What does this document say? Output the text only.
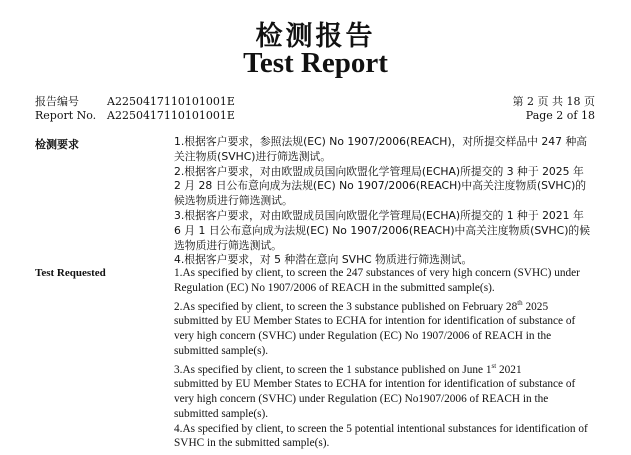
检测报告
Test Report
报告编号	A2250417110101001E
Report No. A2250417110101001E
第 2 页 共 18 页
Page 2 of 18
检测要求	1.根据客户要求，参照法规(EC) No 1907/2006(REACH)，对所提交样品中 247 种高关注物质(SVHC)进行筛选测试。

2.根据客户要求，对由欧盟成员国向欧盟化学管理局(ECHA)所提交的 3 种于 2025 年 2 月 28 日公布意向成为法规(EC) No 1907/2006(REACH)中高关注度物质(SVHC)的候选物质进行筛选测试。

3.根据客户要求，对由欧盟成员国向欧盟化学管理局(ECHA)所提交的 1 种于 2021 年 6 月 1 日公布意向成为法规(EC) No 1907/2006(REACH)中高关注度物质(SVHC)的候选物质进行筛选测试。

4.根据客户要求，对 5 种潜在意向 SVHC 物质进行筛选测试。

Test Requested	1.As specified by client, to screen the 247 substances of very high concern (SVHC) under Regulation (EC) No 1907/2006 of REACH in the submitted sample(s).

2.As specified by client, to screen the 3 substance published on February 28th 2025

submitted by EU Member States to ECHA for intention for identification of substance of very high concern (SVHC) under Regulation (EC) No 1907/2006 of REACH in the submitted sample(s).

3.As specified by client, to screen the 1 substance published on June 1st 2021

submitted by EU Member States to ECHA for intention for identification of substance of very high concern (SVHC) under Regulation (EC) No1907/2006 of REACH in the submitted sample(s).

4.As specified by client, to screen the 5 potential intentional substances for identification of SVHC in the submitted sample(s).
